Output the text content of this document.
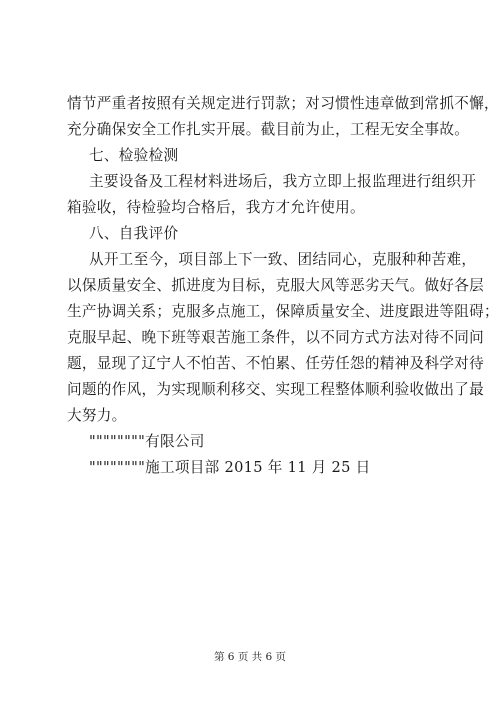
情节严重者按照有关规定进行罚款；对习惯性违章做到常抓不懈，
充分确保安全工作扎实开展。截目前为止，工程无安全事故。
七、检验检测
主要设备及工程材料进场后，我方立即上报监理进行组织开
箱验收，待检验均合格后，我方才允许使用。
八、自我评价
从开工至今，项目部上下一致、团结同心，克服种种苦难，
以保质量安全、抓进度为目标，克服大风等恶劣天气。做好各层
生产协调关系；克服多点施工，保障质量安全、进度跟进等阻碍；
克服早起、晚下班等艰苦施工条件，以不同方式方法对待不同问
题，显现了辽宁人不怕苦、不怕累、任劳任怨的精神及科学对待
问题的作风，为实现顺利移交、实现工程整体顺利验收做出了最
大努力。
""""""""有限公司
""""""""施工项目部 2015 年 11 月 25 日
第 6 页 共 6 页
